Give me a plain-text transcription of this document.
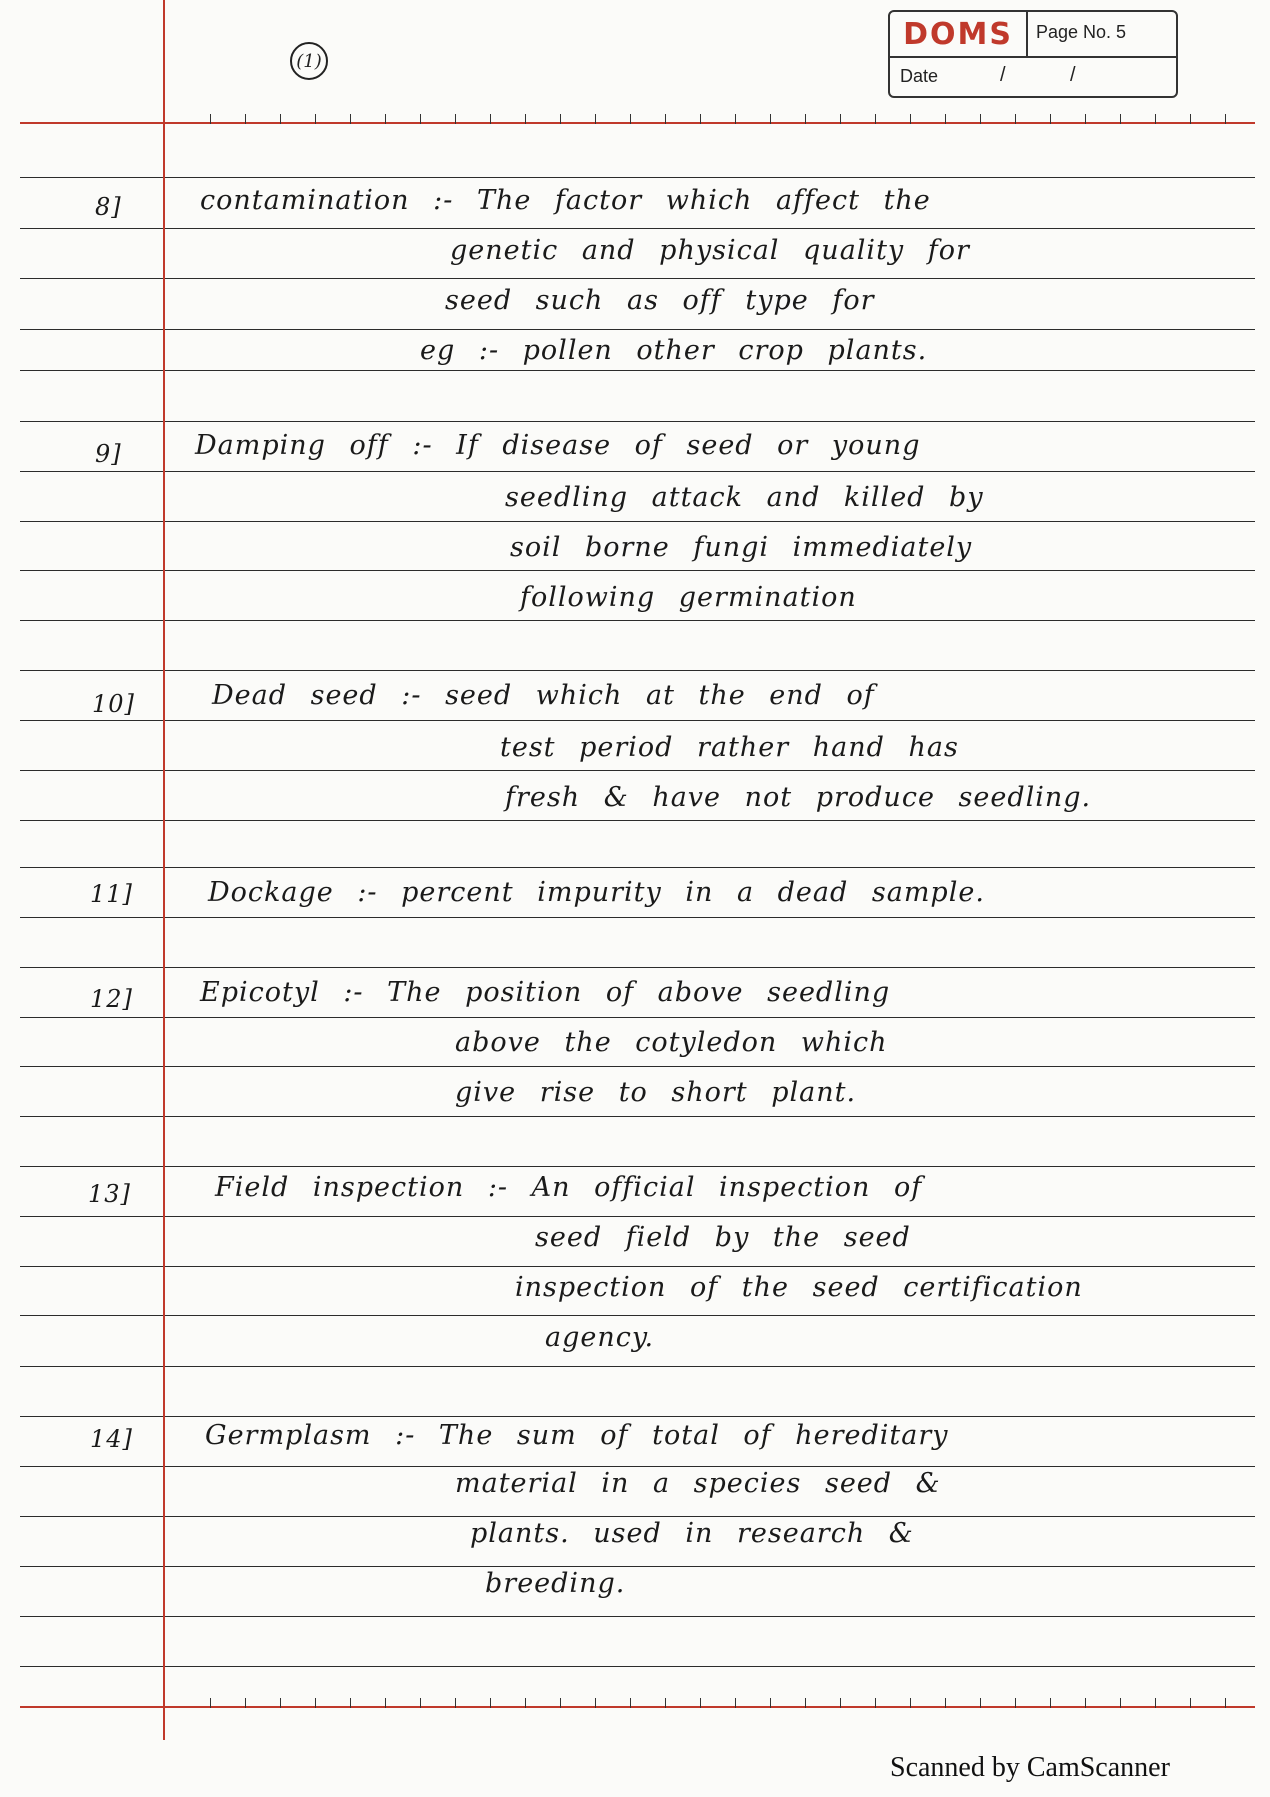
DOMS	Page No. 5
Date	/	/
(1)
8]	contamination :- The factor which affect the
genetic and physical quality for
seed such as off type for
eg :- pollen other crop plants.
9]	Damping off :- If disease of seed or young
seedling attack and killed by
soil borne fungi immediately
following germination
10]	Dead seed :- seed which at the end of
test period rather hand has
fresh & have not produce seedling.
11]	Dockage :- percent impurity in a dead sample.
12] Epicotyl :- The position of above seedling
above the cotyledon which
give rise to short plant.
13]	Field inspection :- An official inspection of
seed field by the seed
inspection of the seed certification
agency.
14]	Germplasm :- The sum of total of hereditary
material in a species seed &
plants. used in research &
breeding.
Scanned by CamScanner
